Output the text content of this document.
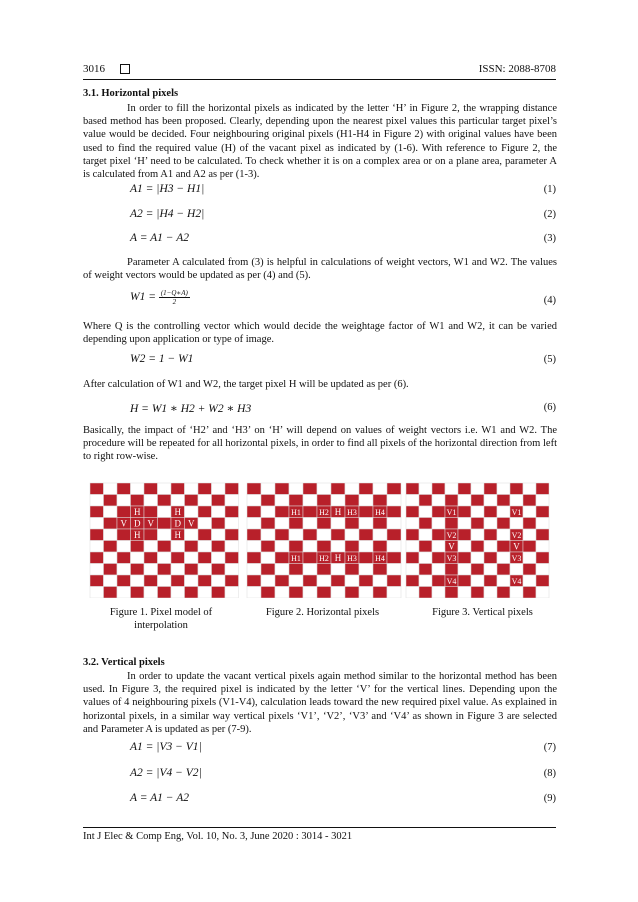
3016	ISSN: 2088-8708
3.1. Horizontal pixels

In order to fill the horizontal pixels as indicated by the letter ‘H’ in Figure 2, the wrapping distance based method has been proposed. Clearly, depending upon the nearest pixel values this particular target pixel’s value would be decided. Four neighbouring original pixels (H1-H4 in Figure 2) with original values have been used to find the required value (H) of the vacant pixel as indicated by (1-6). With reference to Figure 2, the target pixel ‘H’ need to be calculated. To check whether it is on a complex area or on a plane area, parameter A is calculated from A1 and A2 as per (1-3).

A1 = |H3 − H1|	(1)
A2 = |H4 − H2|	(2)
A = A1 − A2	(3)

Parameter A calculated from (3) is helpful in calculations of weight vectors, W1 and W2. The values of weight vectors would be updated as per (4) and (5).

$W1 = \frac{(1-Q∗A)}{2}$	(4)

Where Q is the controlling vector which would decide the weightage factor of W1 and W2, it can be varied depending upon application or type of image.

W2 = 1 − W1	(5)

After calculation of W1 and W2, the target pixel H will be updated as per (6).

H = W1 ∗ H2 + W2 ∗ H3	(6)

Basically, the impact of ‘H2’ and ‘H3’ on ‘H’ will depend on values of weight vectors i.e. W1 and W2. The procedure will be repeated for all horizontal pixels, in order to find all pixels of the horizontal direction from left to right row-wise.

H	H
V D V D V
H	H
H1 H2 H H3 H4
H1 H2 H H3 H4
V1	V1
V2	V2
V	V
V3	V3
V4	V4
Figure 1. Pixel model of interpolation
Figure 2. Horizontal pixels	Figure 3. Vertical pixels
3.2. Vertical pixels

In order to update the vacant vertical pixels again method similar to the horizontal method has been used. In Figure 3, the required pixel is indicated by the letter ‘V’ for the vertical lines. Depending upon the values of 4 neighbouring pixels (V1-V4), calculation leads toward the new required pixel value. As explained in horizontal pixels, in a similar way vertical pixels ‘V1’, ‘V2’, ‘V3’ and ‘V4’ as shown in Figure 3 are selected and Parameter A is updated as per (7-9).

A1 = |V3 − V1|	(7)
A2 = |V4 − V2|	(8)
A = A1 − A2	(9)
Int J Elec & Comp Eng, Vol. 10, No. 3, June 2020 : 3014 - 3021
